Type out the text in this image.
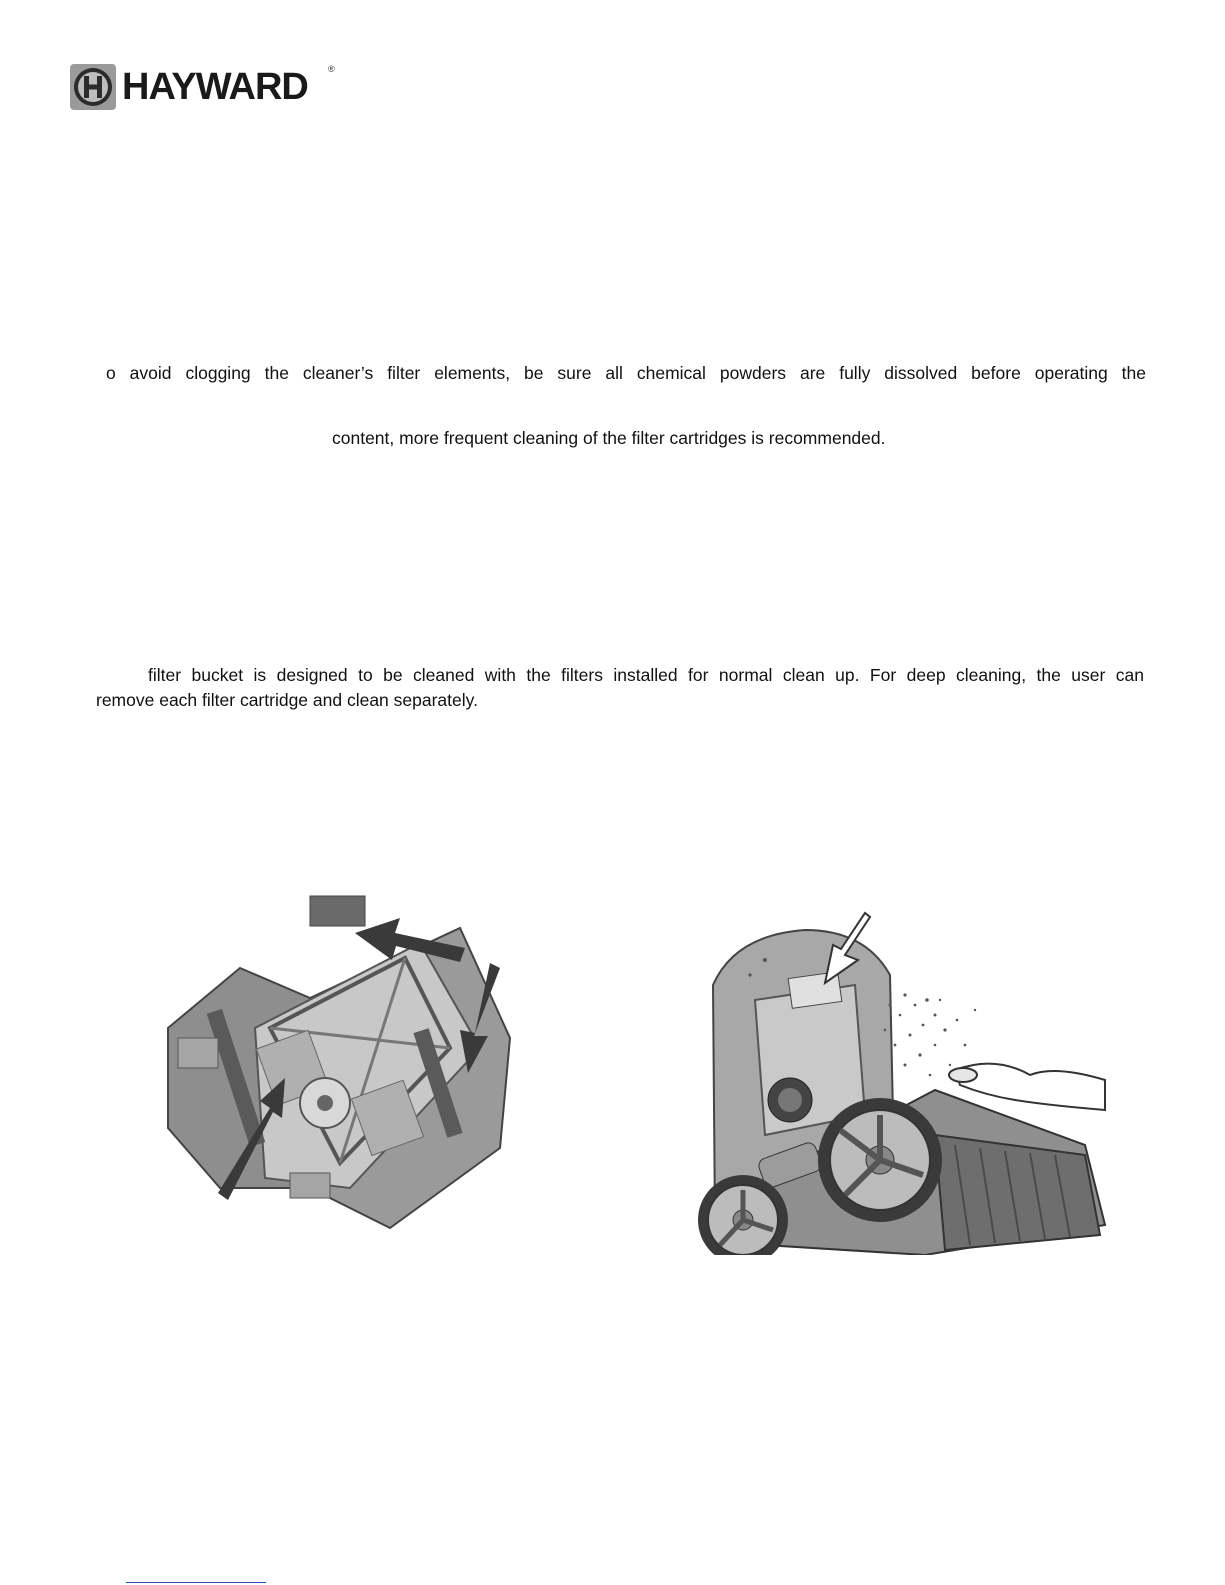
HAYWARD ®

o avoid clogging the cleaner’s filter elements, be sure all chemical powders are fully dissolved before operating the

content, more frequent cleaning of the filter cartridges is recommended.

filter bucket is designed to be cleaned with the filters installed for normal clean up. For deep cleaning, the user can

remove each filter cartridge and clean separately.
